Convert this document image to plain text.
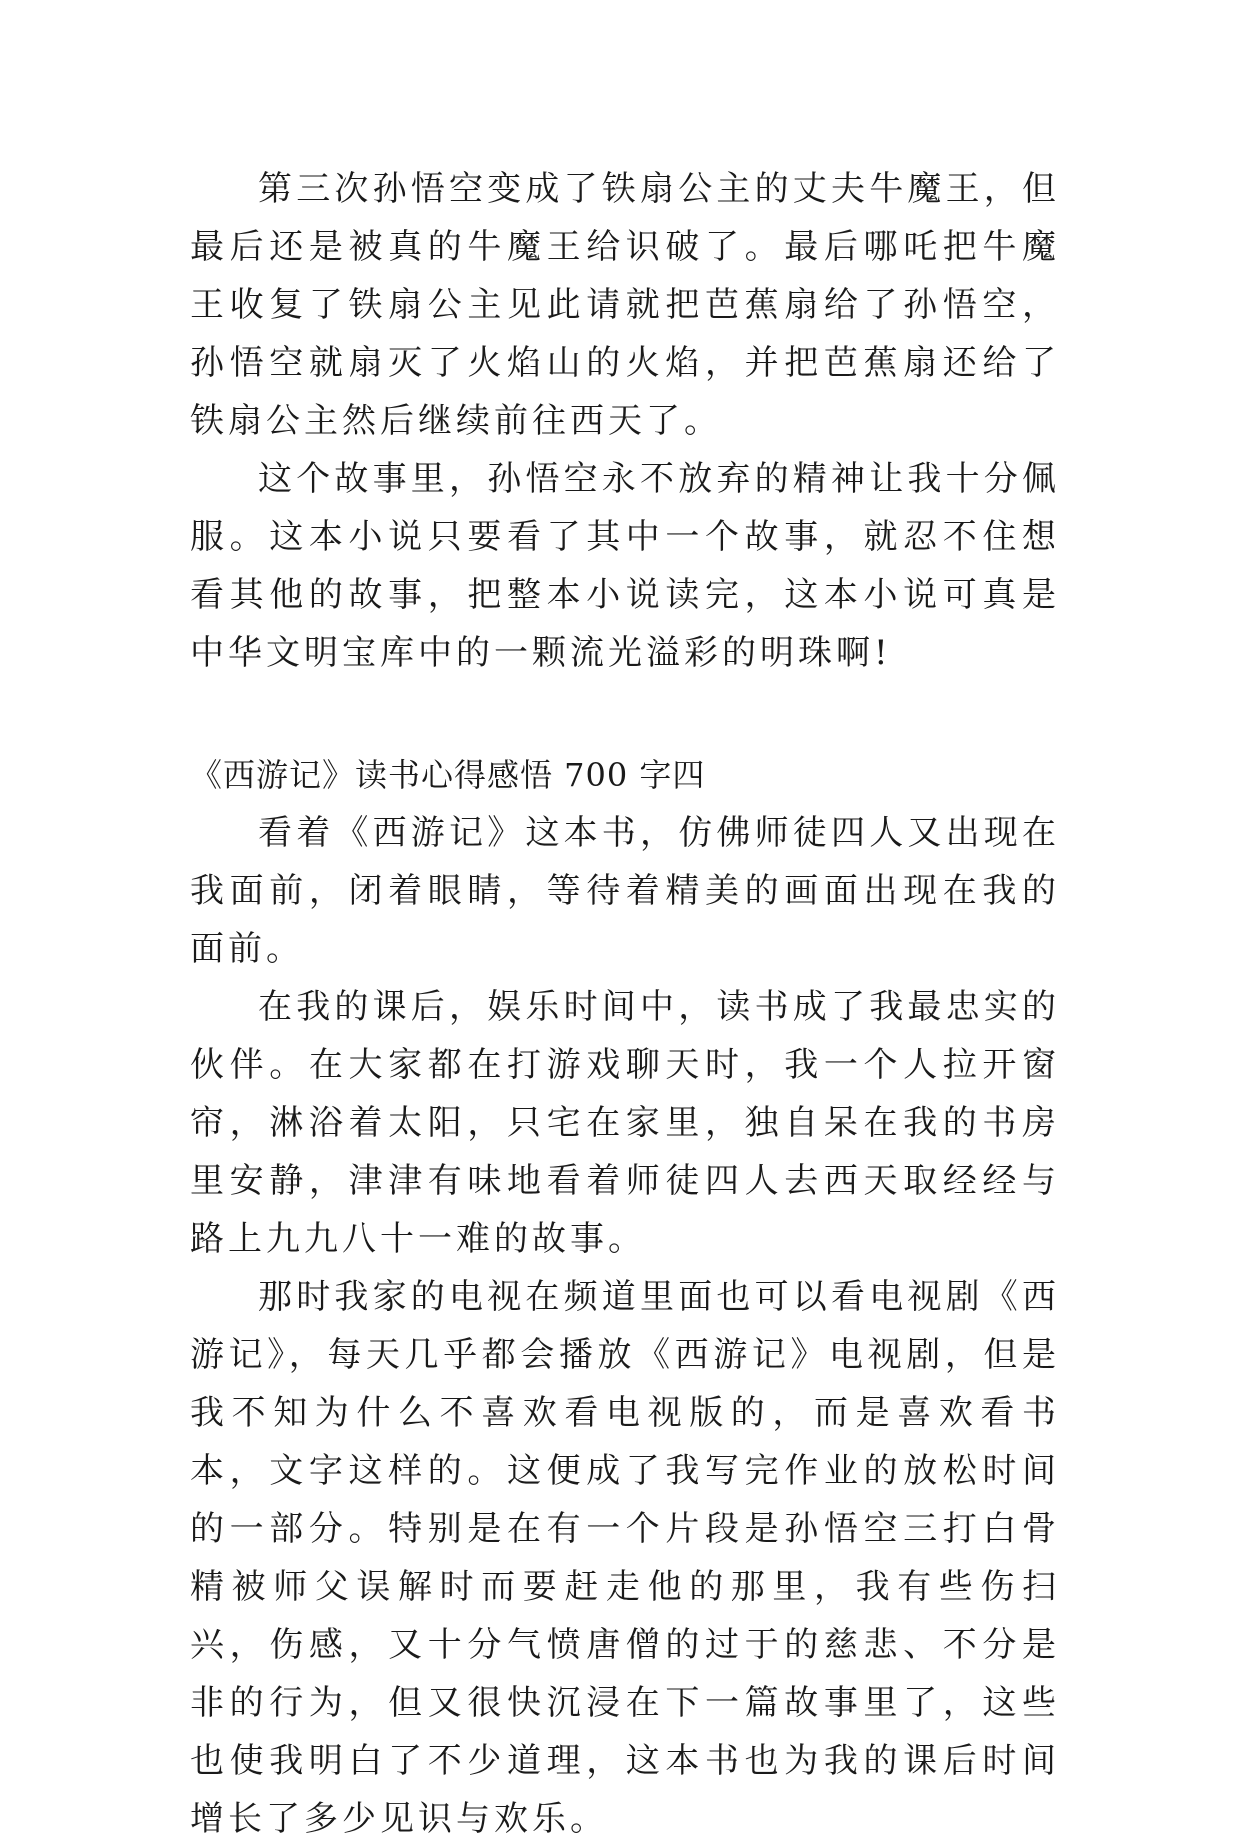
第三次孙悟空变成了铁扇公主的丈夫牛魔王，但最后还是被真的牛魔王给识破了。最后哪吒把牛魔王收复了铁扇公主见此请就把芭蕉扇给了孙悟空，孙悟空就扇灭了火焰山的火焰，并把芭蕉扇还给了铁扇公主然后继续前往西天了。

这个故事里，孙悟空永不放弃的精神让我十分佩服。这本小说只要看了其中一个故事，就忍不住想看其他的故事，把整本小说读完，这本小说可真是中华文明宝库中的一颗流光溢彩的明珠啊!

《西游记》读书心得感悟 700 字四

看着《西游记》这本书，仿佛师徒四人又出现在我面前，闭着眼睛，等待着精美的画面出现在我的面前。

在我的课后，娱乐时间中，读书成了我最忠实的伙伴。在大家都在打游戏聊天时，我一个人拉开窗帘，淋浴着太阳，只宅在家里，独自呆在我的书房里安静，津津有味地看着师徒四人去西天取经经与路上九九八十一难的故事。

那时我家的电视在频道里面也可以看电视剧《西游记》，每天几乎都会播放《西游记》电视剧，但是我不知为什么不喜欢看电视版的，而是喜欢看书本，文字这样的。这便成了我写完作业的放松时间的一部分。特别是在有一个片段是孙悟空三打白骨精被师父误解时而要赶走他的那里，我有些伤扫兴，伤感，又十分气愤唐僧的过于的慈悲、不分是非的行为，但又很快沉浸在下一篇故事里了，这些也使我明白了不少道理，这本书也为我的课后时间增长了多少见识与欢乐。
